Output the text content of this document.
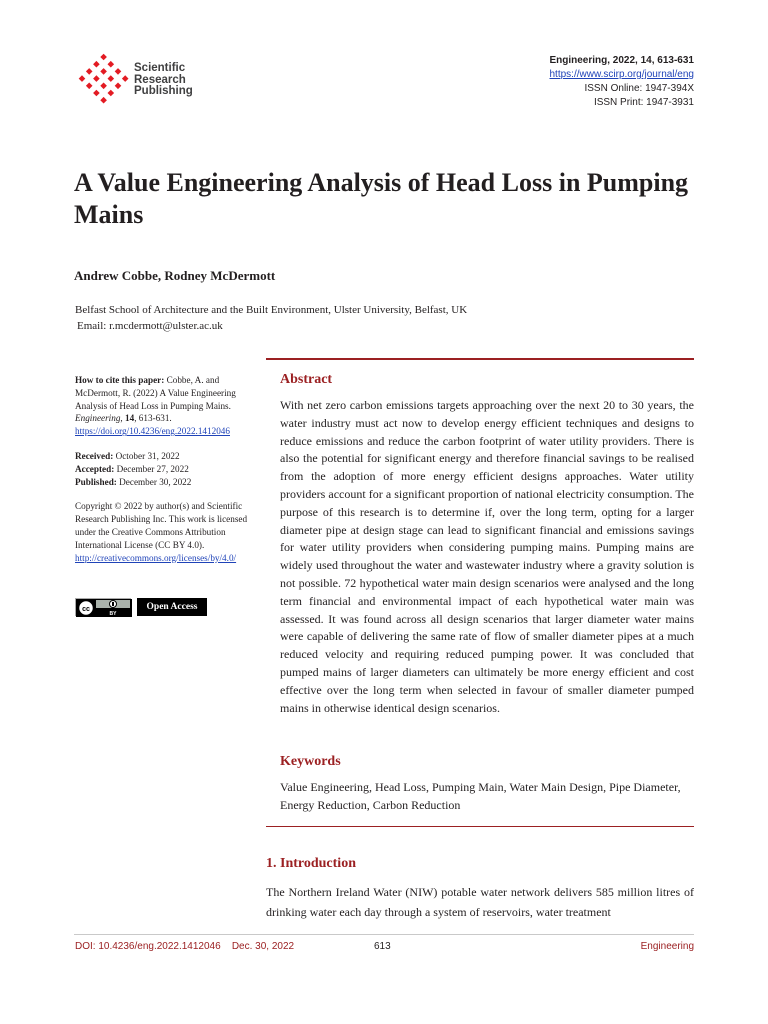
Scientific
Research
Publishing
Engineering, 2022, 14, 613-631
https://www.scirp.org/journal/eng
ISSN Online: 1947-394X
ISSN Print: 1947-3931
A Value Engineering Analysis of Head Loss in Pumping Mains
Andrew Cobbe, Rodney McDermott
Belfast School of Architecture and the Built Environment, Ulster University, Belfast, UK
Email: r.mcdermott@ulster.ac.uk
How to cite this paper: Cobbe, A. and McDermott, R. (2022) A Value Engineering Analysis of Head Loss in Pumping Mains. Engineering, 14, 613-631.
https://doi.org/10.4236/eng.2022.1412046
Received: October 31, 2022
Accepted: December 27, 2022
Published: December 30, 2022
Copyright © 2022 by author(s) and Scientific Research Publishing Inc. This work is licensed under the Creative Commons Attribution International License (CC BY 4.0).
http://creativecommons.org/licenses/by/4.0/
cc
BY
Open Access
Abstract
With net zero carbon emissions targets approaching over the next 20 to 30 years, the water industry must act now to develop energy efficient techniques and designs to reduce emissions and reduce the carbon footprint of water utility providers. There is also the potential for significant energy and therefore financial savings to be realised from the adoption of more energy efficient designs approaches. Water utility providers account for a significant proportion of national electricity consumption. The purpose of this research is to determine if, over the long term, opting for a larger diameter pipe at design stage can lead to significant financial and emissions savings for water utility providers when considering pumping mains. Pumping mains are widely used throughout the water and wastewater industry where a gravity solution is not possible. 72 hypothetical water main design scenarios were analysed and the long term financial and environmental impact of each hypothetical water main was assessed. It was found across all design scenarios that larger diameter water mains were capable of delivering the same rate of flow of smaller diameter pipes at a much reduced velocity and requiring reduced pumping power. It was concluded that pumped mains of larger diameters can ultimately be more energy efficient and cost effective over the long term when selected in favour of smaller diameter pumped mains in otherwise identical design scenarios.
Keywords
Value Engineering, Head Loss, Pumping Main, Water Main Design, Pipe Diameter, Energy Reduction, Carbon Reduction
1. Introduction
The Northern Ireland Water (NIW) potable water network delivers 585 million litres of drinking water each day through a system of reservoirs, water treatment
DOI: 10.4236/eng.2022.1412046 Dec. 30, 2022	613	Engineering
